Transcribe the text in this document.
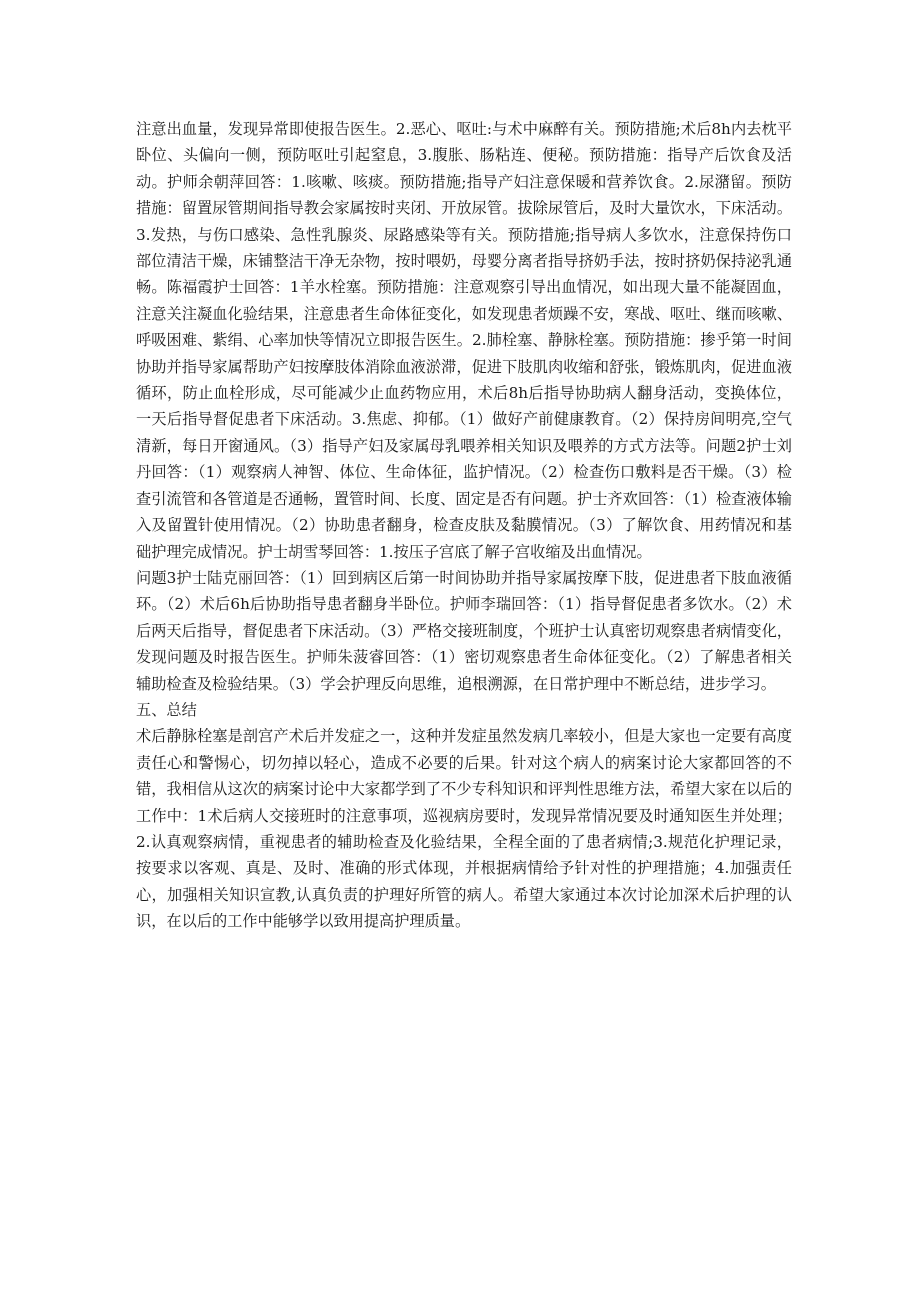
注意出血量，发现异常即使报告医生。2.恶心、呕吐:与术中麻醉有关。预防措施;术后8h内去枕平卧位、头偏向一侧，预防呕吐引起窒息，3.腹胀、肠粘连、便秘。预防措施：指导产后饮食及活动。护师余朝萍回答：1.咳嗽、咳痰。预防措施;指导产妇注意保暖和营养饮食。2.尿潴留。预防措施：留置尿管期间指导教会家属按时夹闭、开放尿管。拔除尿管后，及时大量饮水，下床活动。3.发热，与伤口感染、急性乳腺炎、尿路感染等有关。预防措施;指导病人多饮水，注意保持伤口部位清洁干燥，床铺整洁干净无杂物，按时喂奶，母婴分离者指导挤奶手法，按时挤奶保持泌乳通畅。陈福霞护士回答：1羊水栓塞。预防措施：注意观察引导出血情况，如出现大量不能凝固血，注意关注凝血化验结果，注意患者生命体征变化，如发现患者烦躁不安，寒战、呕吐、继而咳嗽、呼吸困难、紫绢、心率加快等情况立即报告医生。2.肺栓塞、静脉栓塞。预防措施：掺乎第一时间协助并指导家属帮助产妇按摩肢体消除血液淤滞，促进下肢肌肉收缩和舒张，锻炼肌肉，促进血液循环，防止血栓形成，尽可能减少止血药物应用，术后8h后指导协助病人翻身活动，变换体位，一天后指导督促患者下床活动。3.焦虑、抑郁。（1）做好产前健康教育。（2）保持房间明亮,空气清新，每日开窗通风。（3）指导产妇及家属母乳喂养相关知识及喂养的方式方法等。问题2护士刘丹回答：（1）观察病人神智、体位、生命体征，监护情况。（2）检查伤口敷料是否干燥。（3）检查引流管和各管道是否通畅，置管时间、长度、固定是否有问题。护士齐欢回答：（1）检查液体输入及留置针使用情况。（2）协助患者翻身，检查皮肤及黏膜情况。（3）了解饮食、用药情况和基础护理完成情况。护士胡雪琴回答：1.按压子宫底了解子宫收缩及出血情况。

问题3护士陆克丽回答：（1）回到病区后第一时间协助并指导家属按摩下肢，促进患者下肢血液循环。（2）术后6h后协助指导患者翻身半卧位。护师李瑞回答：（1）指导督促患者多饮水。（2）术后两天后指导，督促患者下床活动。（3）严格交接班制度，个班护士认真密切观察患者病情变化，发现问题及时报告医生。护师朱菠睿回答：（1）密切观察患者生命体征变化。（2）了解患者相关辅助检查及检验结果。（3）学会护理反向思维，追根溯源，在日常护理中不断总结，进步学习。

五、总结

术后静脉栓塞是剖宫产术后并发症之一，这种并发症虽然发病几率较小，但是大家也一定要有高度责任心和警惕心，切勿掉以轻心，造成不必要的后果。针对这个病人的病案讨论大家都回答的不错，我相信从这次的病案讨论中大家都学到了不少专科知识和评判性思维方法，希望大家在以后的工作中：1术后病人交接班时的注意事项，巡视病房要时，发现异常情况要及时通知医生并处理；2.认真观察病情，重视患者的辅助检查及化验结果，全程全面的了患者病情;3.规范化护理记录，按要求以客观、真是、及时、准确的形式体现，并根据病情给予针对性的护理措施；4.加强责任心，加强相关知识宣教,认真负责的护理好所管的病人。希望大家通过本次讨论加深术后护理的认识，在以后的工作中能够学以致用提高护理质量。
